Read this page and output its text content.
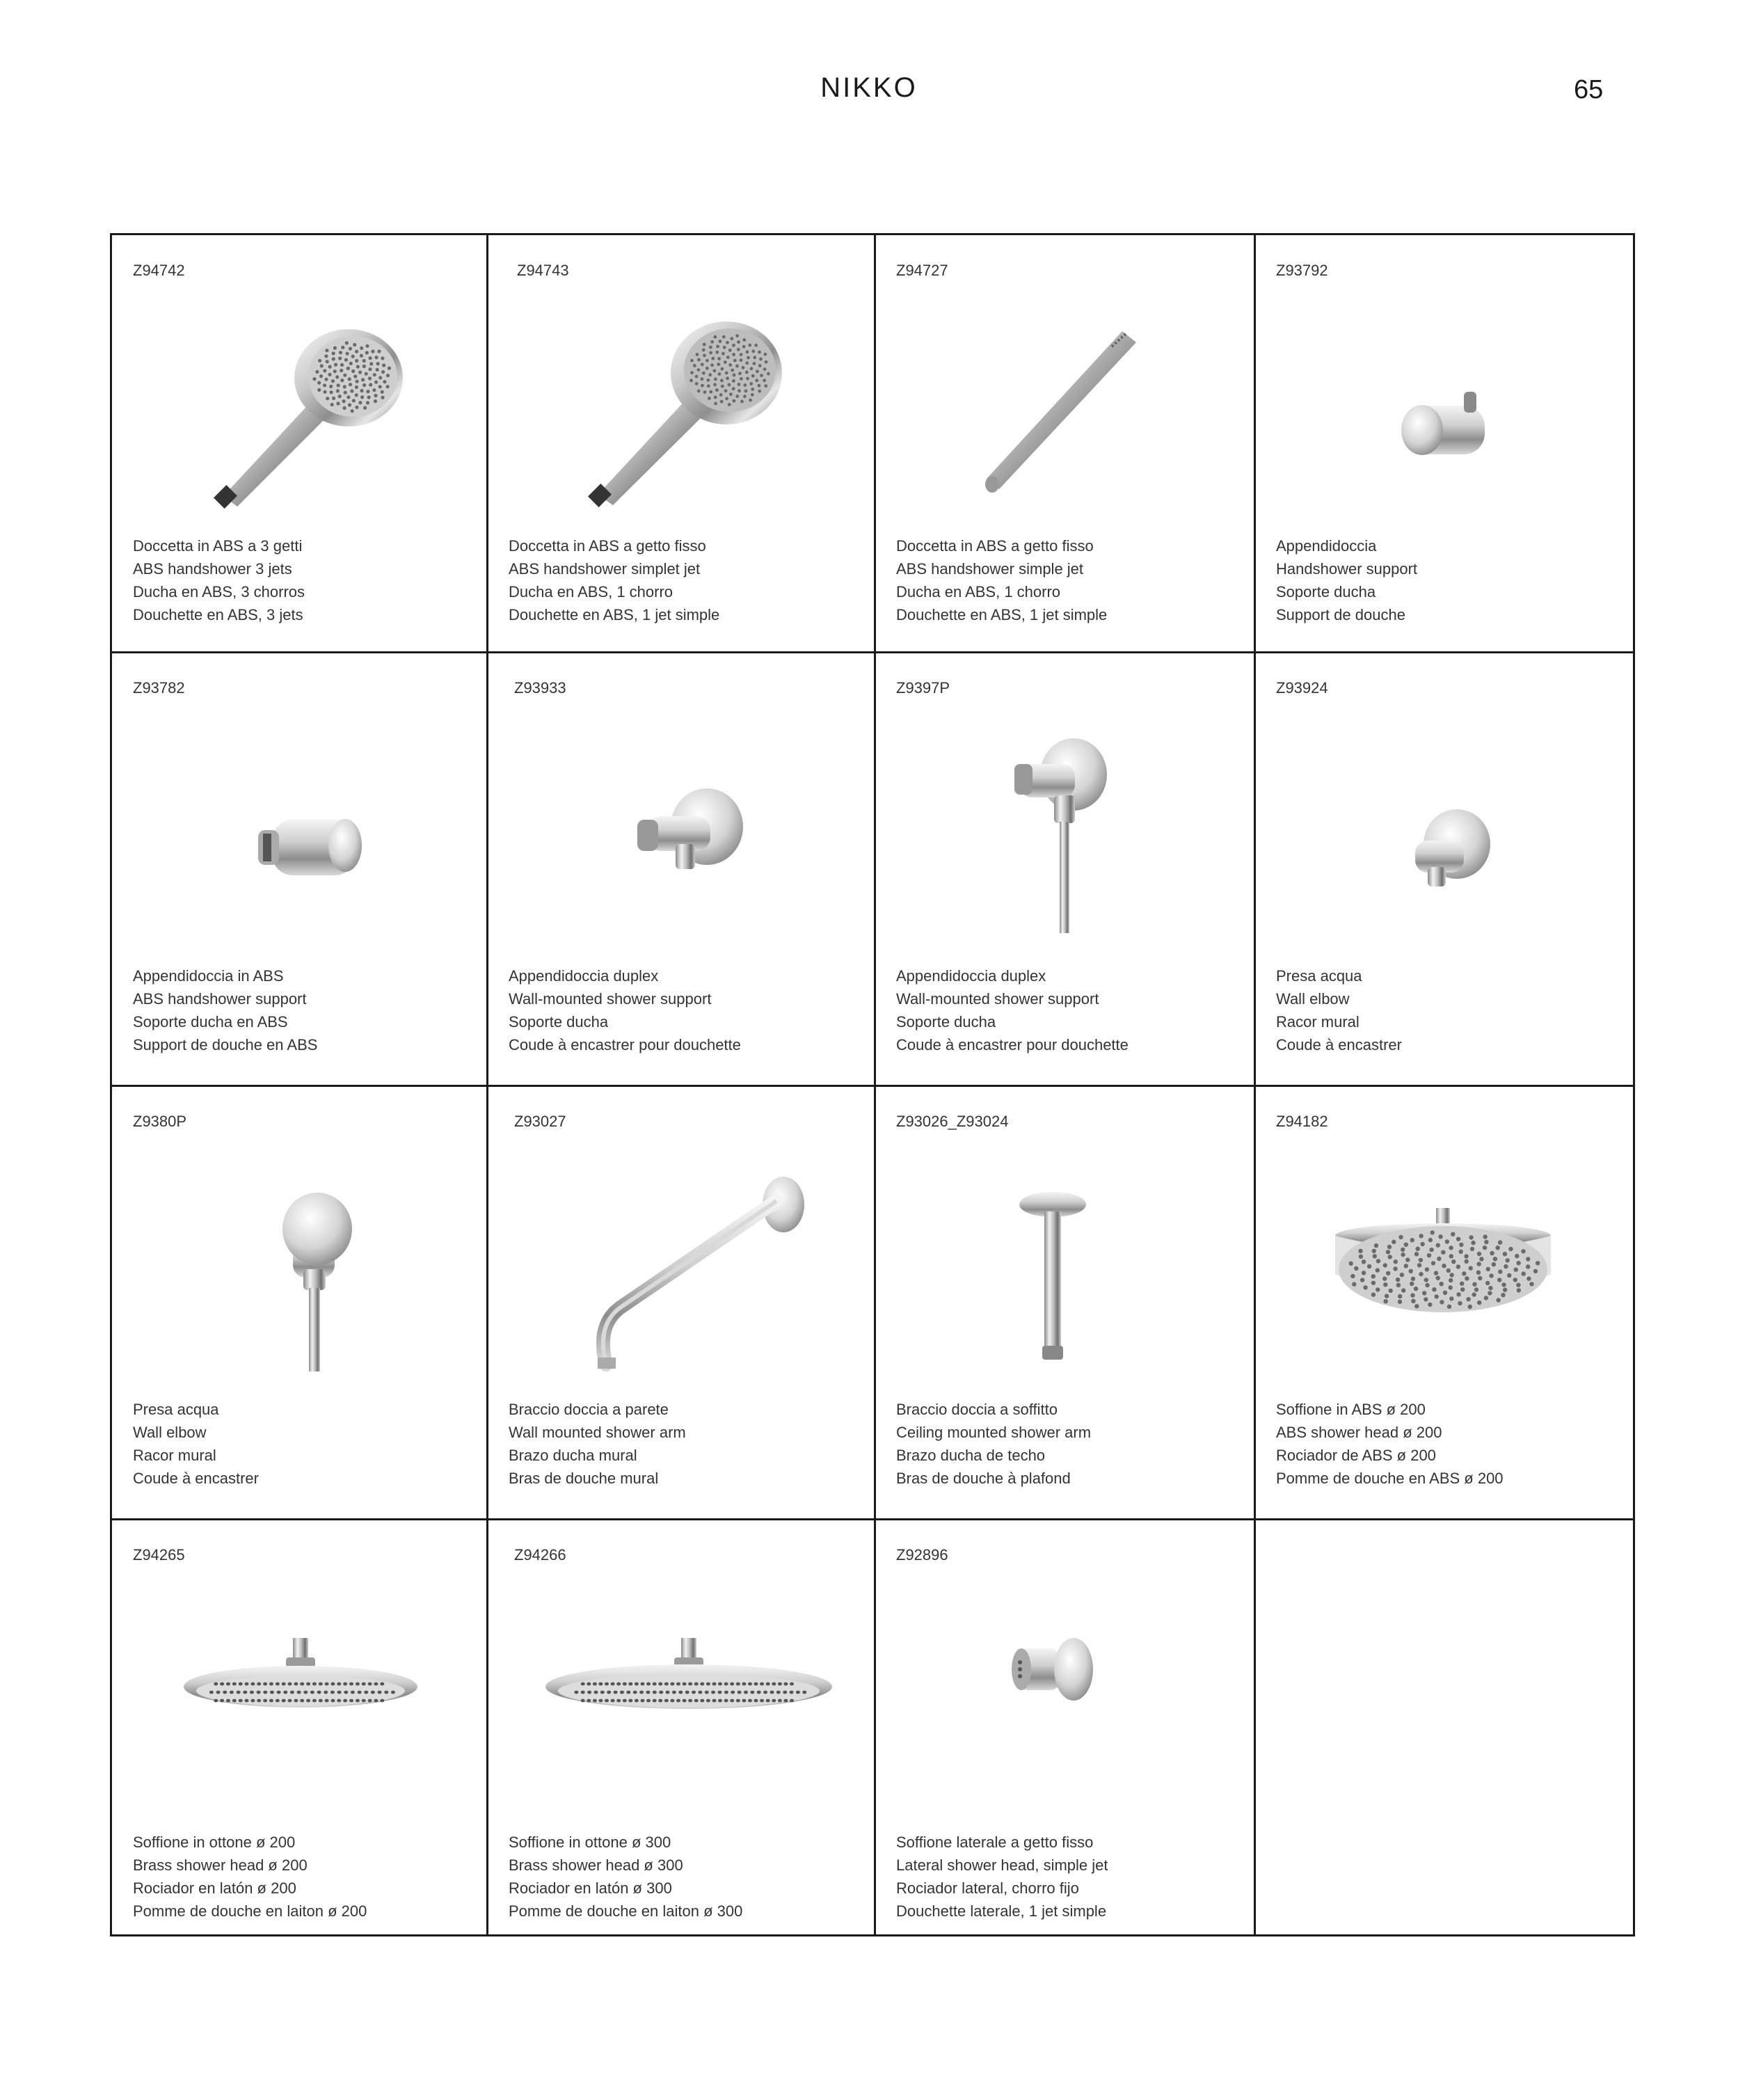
NIKKO	65
Z94742
Doccetta in ABS a 3 getti
ABS handshower 3 jets
Ducha en ABS, 3 chorros
Douchette en ABS, 3 jets
Z94743
Doccetta in ABS a getto fisso
ABS handshower simplet jet
Ducha en ABS, 1 chorro
Douchette en ABS, 1 jet simple
Z94727
Doccetta in ABS a getto fisso
ABS handshower simple jet
Ducha en ABS, 1 chorro
Douchette en ABS, 1 jet simple
Z93792
Appendidoccia
Handshower support
Soporte ducha
Support de douche
Z93782
Appendidoccia in ABS
ABS handshower support
Soporte ducha en ABS
Support de douche en ABS
Z93933
Appendidoccia duplex
Wall-mounted shower support
Soporte ducha
Coude à encastrer pour douchette
Z9397P
Appendidoccia duplex
Wall-mounted shower support
Soporte ducha
Coude à encastrer pour douchette
Z93924
Presa acqua
Wall elbow
Racor mural
Coude à encastrer
Z9380P
Presa acqua
Wall elbow
Racor mural
Coude à encastrer
Z93027
Braccio doccia a parete
Wall mounted shower arm
Brazo ducha mural
Bras de douche mural
Z93026_Z93024
Braccio doccia a soffitto
Ceiling mounted shower arm
Brazo ducha de techo
Bras de douche à plafond
Z94182
Soffione in ABS ø 200
ABS shower head ø 200
Rociador de ABS ø 200
Pomme de douche en ABS ø 200
Z94265
Soffione in ottone ø 200
Brass shower head ø 200
Rociador en latón ø 200
Pomme de douche en laiton ø 200
Z94266
Soffione in ottone ø 300
Brass shower head ø 300
Rociador en latón ø 300
Pomme de douche en laiton ø 300
Z92896
Soffione laterale a getto fisso
Lateral shower head, simple jet
Rociador lateral, chorro fijo
Douchette laterale, 1 jet simple
